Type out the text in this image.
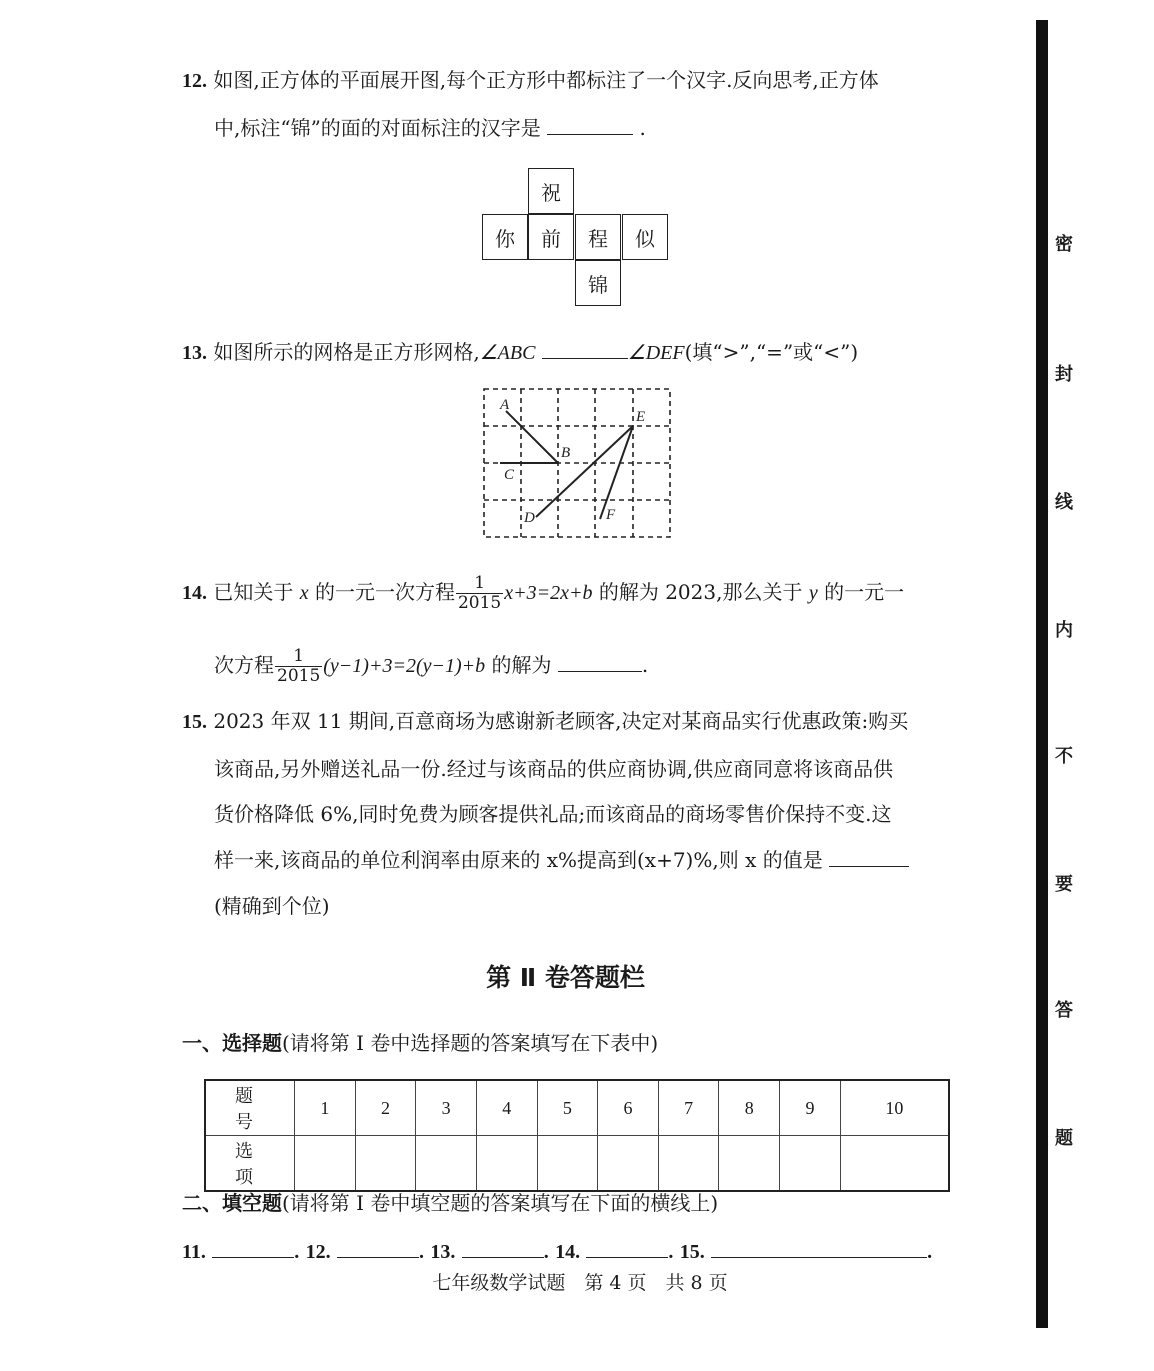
12. 如图,正方体的平面展开图,每个正方形中都标注了一个汉字.反向思考,正方体
中,标注“锦”的面的对面标注的汉字是	.
祝
你	前	程	似
锦
13. 如图所示的网格是正方形网格,∠ABC	∠DEF(填“>”,“=”或“<”)
A
B
C
D
E
F
14. 已知关于 x 的一元一次方程 $\frac{1}{2015} x+3=2x+b$ 的解为 2023,那么关于 y 的一元一
次方程 $\frac{1}{2015} (y-1)+3=2(y-1)+b$ 的解为	.
15. 2023 年双 11 期间,百意商场为感谢新老顾客,决定对某商品实行优惠政策:购买
该商品,另外赠送礼品一份.经过与该商品的供应商协调,供应商同意将该商品供
货价格降低 6%,同时免费为顾客提供礼品;而该商品的商场零售价保持不变.这
样一来,该商品的单位利润率由原来的 x%提高到(x+7)%,则 x 的值是
(精确到个位)
第 Ⅱ 卷答题栏
一、选择题(请将第 Ⅰ 卷中选择题的答案填写在下表中)
题　号	1	2	3	4	5	6	7	8	9	10
选　项										
二、填空题(请将第 Ⅰ 卷中填空题的答案填写在下面的横线上)
11.	. 12.	. 13.	. 14.	. 15.	.
七年级数学试题　第 4 页　共 8 页
密
封
线
内
不
要
答
题
